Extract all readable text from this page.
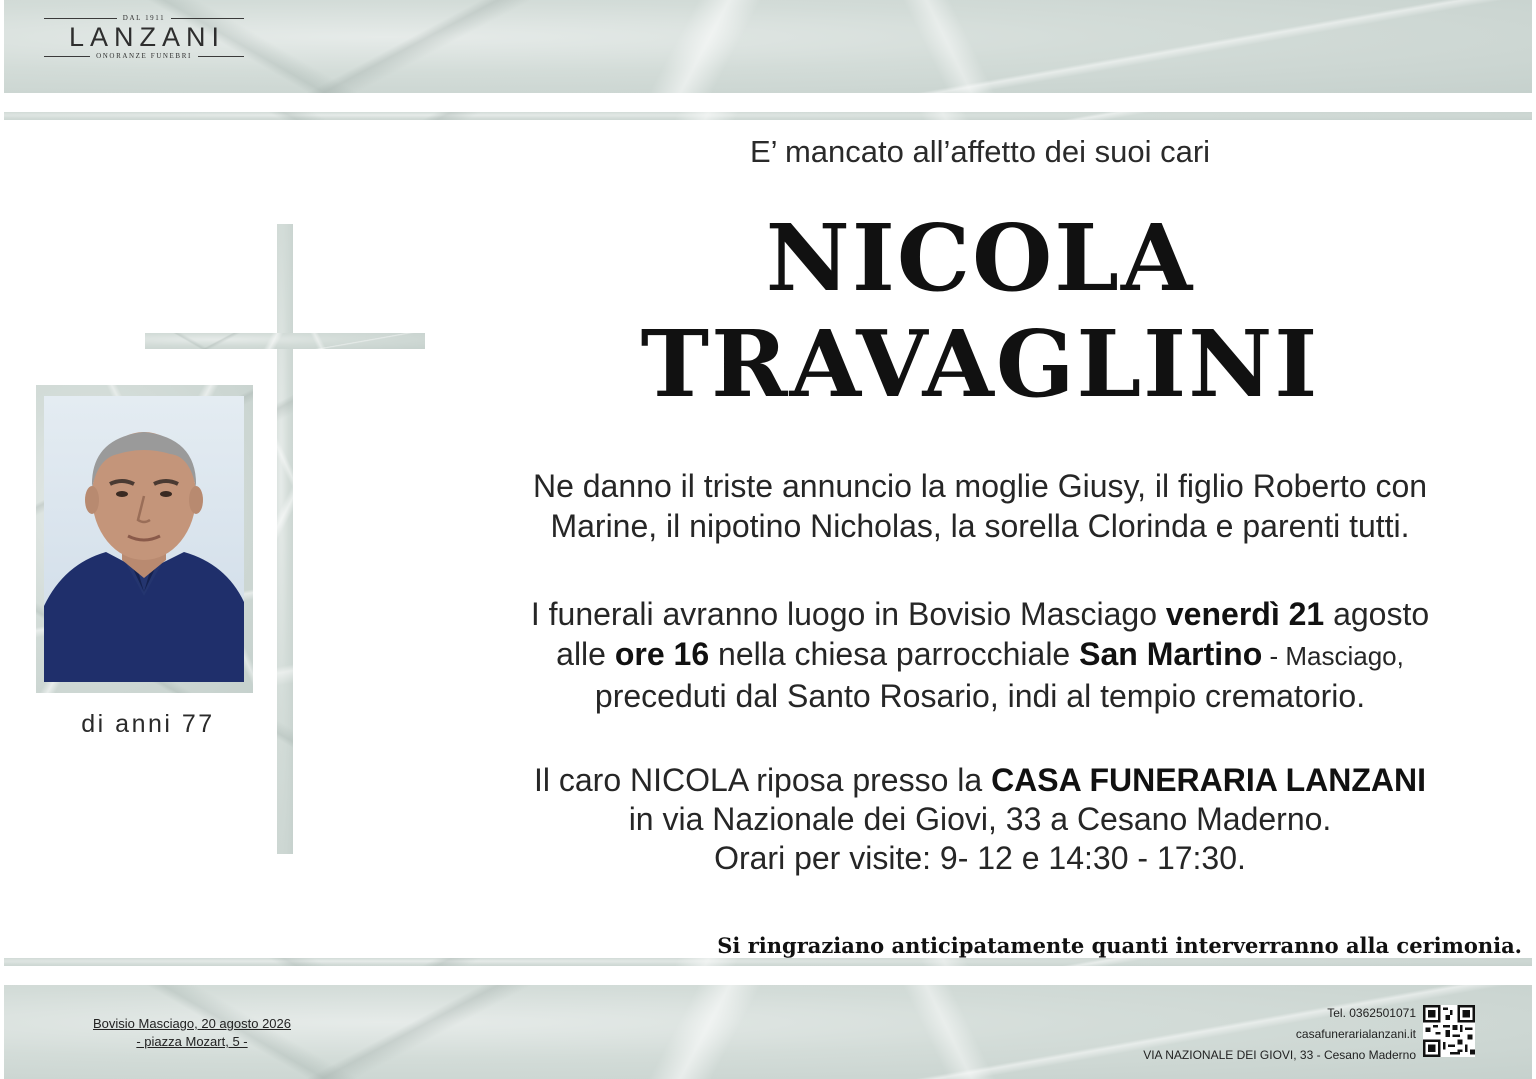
DAL 1911
LANZANI
ONORANZE FUNEBRI
di anni 77
E’ mancato all’affetto dei suoi cari
NICOLA
TRAVAGLINI
Ne danno il triste annuncio la moglie Giusy, il figlio Roberto con
Marine, il nipotino Nicholas, la sorella Clorinda e parenti tutti.
I funerali avranno luogo in Bovisio Masciago venerdì 21 agosto
alle ore 16 nella chiesa parrocchiale San Martino - Masciago,
preceduti dal Santo Rosario, indi al tempio crematorio.
Il caro NICOLA riposa presso la CASA FUNERARIA LANZANI
in via Nazionale dei Giovi, 33 a Cesano Maderno.
Orari per visite: 9- 12 e 14:30 - 17:30.
Si ringraziano anticipatamente quanti interverranno alla cerimonia.
Bovisio Masciago, 20 agosto 2026
- piazza Mozart, 5 -
Tel. 0362501071
casafunerarialanzani.it
VIA NAZIONALE DEI GIOVI, 33 - Cesano Maderno
